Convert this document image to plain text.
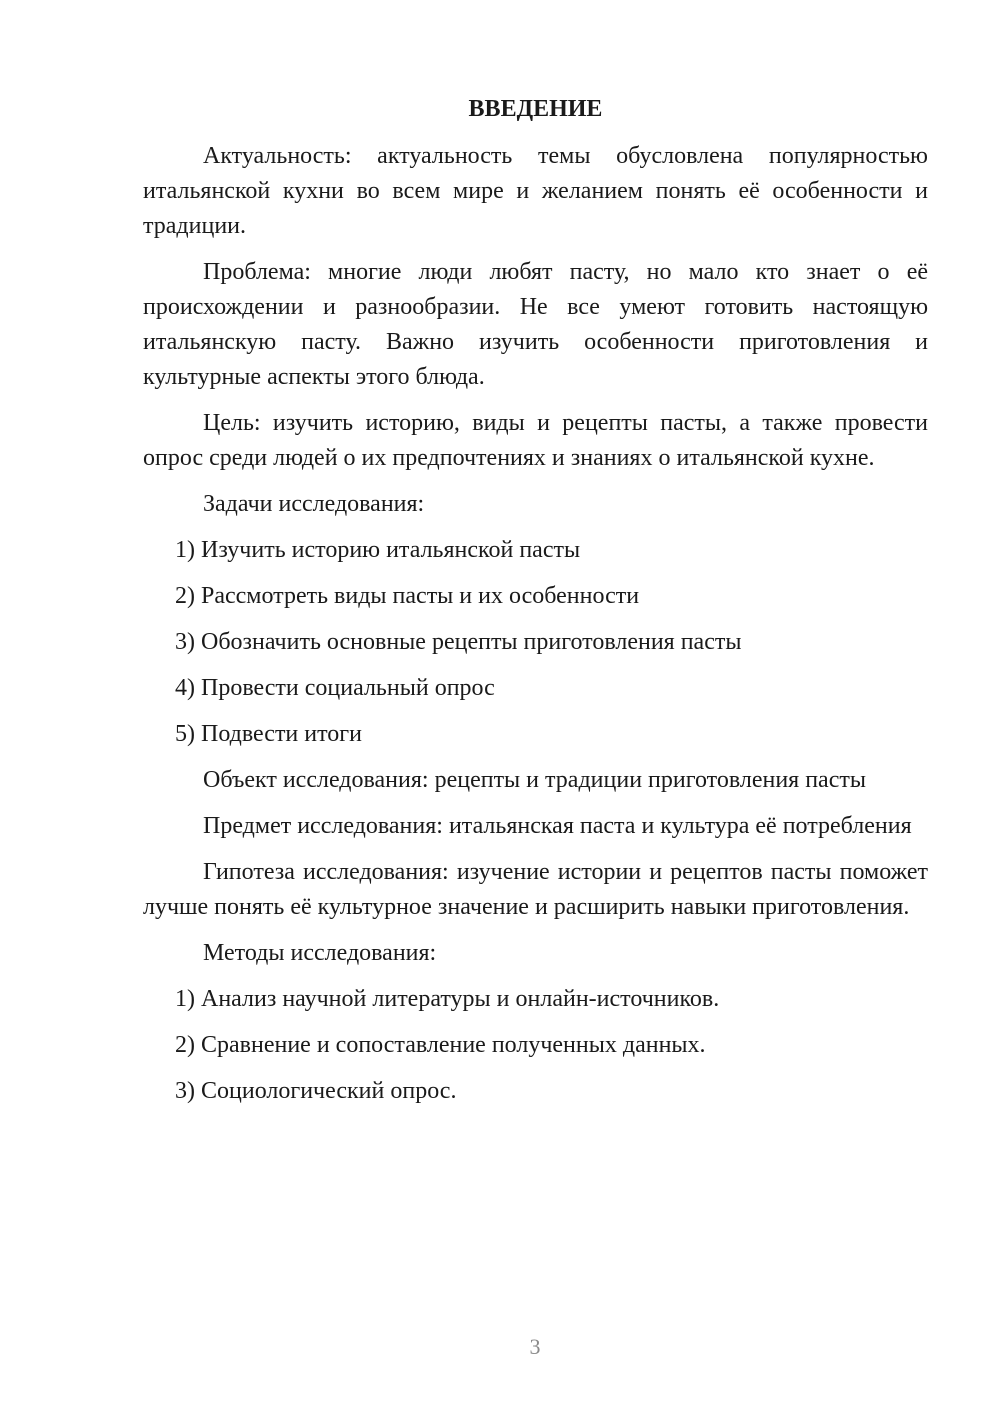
ВВЕДЕНИЕ

Актуальность: актуальность темы обусловлена популярностью итальянской кухни во всем мире и желанием понять её особенности и традиции.

Проблема: многие люди любят пасту, но мало кто знает о её происхождении и разнообразии. Не все умеют готовить настоящую итальянскую пасту. Важно изучить особенности приготовления и культурные аспекты этого блюда.

Цель: изучить историю, виды и рецепты пасты, а также провести опрос среди людей о их предпочтениях и знаниях о итальянской кухне.

Задачи исследования:

1) Изучить историю итальянской пасты
2) Рассмотреть виды пасты и их особенности
3) Обозначить основные рецепты приготовления пасты
4) Провести социальный опрос
5) Подвести итоги

Объект исследования: рецепты и традиции приготовления пасты

Предмет исследования: итальянская паста и культура её потребления

Гипотеза исследования: изучение истории и рецептов пасты поможет лучше понять её культурное значение и расширить навыки приготовления.

Методы исследования:

1) Анализ научной литературы и онлайн-источников.
2) Сравнение и сопоставление полученных данных.
3) Социологический опрос.
3
